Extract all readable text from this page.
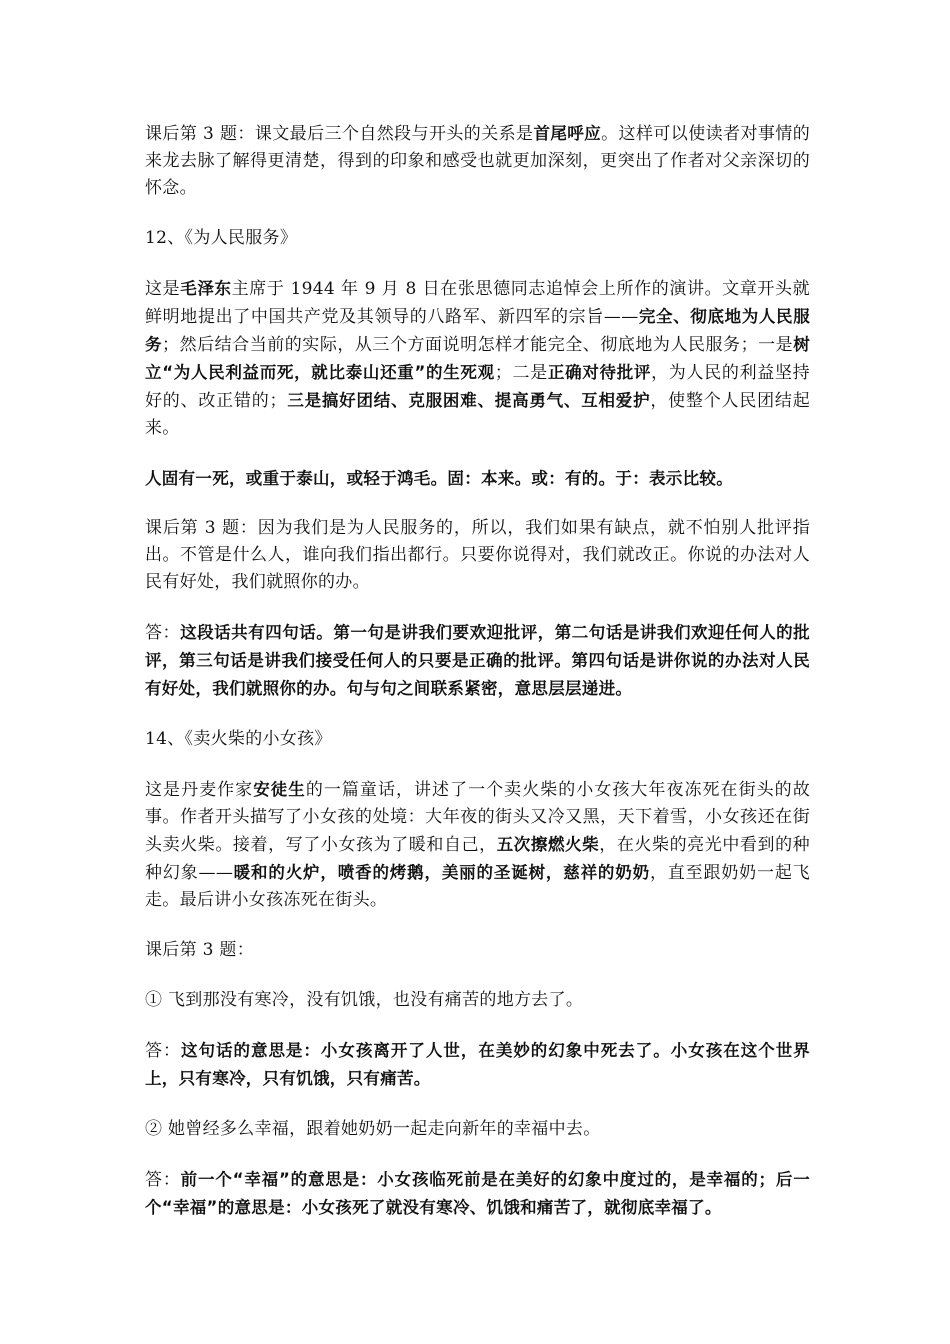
课后第 3 题：课文最后三个自然段与开头的关系是首尾呼应。这样可以使读者对事情的来龙去脉了解得更清楚，得到的印象和感受也就更加深刻，更突出了作者对父亲深切的怀念。

12、《为人民服务》

这是毛泽东主席于 1944 年 9 月 8 日在张思德同志追悼会上所作的演讲。文章开头就鲜明地提出了中国共产党及其领导的八路军、新四军的宗旨——完全、彻底地为人民服务；然后结合当前的实际，从三个方面说明怎样才能完全、彻底地为人民服务；一是树立“为人民利益而死，就比泰山还重”的生死观；二是正确对待批评，为人民的利益坚持好的、改正错的；三是搞好团结、克服困难、提高勇气、互相爱护，使整个人民团结起来。

人固有一死，或重于泰山，或轻于鸿毛。固：本来。或：有的。于：表示比较。

课后第 3 题：因为我们是为人民服务的，所以，我们如果有缺点，就不怕别人批评指出。不管是什么人，谁向我们指出都行。只要你说得对，我们就改正。你说的办法对人民有好处，我们就照你的办。

答：这段话共有四句话。第一句是讲我们要欢迎批评，第二句话是讲我们欢迎任何人的批评，第三句话是讲我们接受任何人的只要是正确的批评。第四句话是讲你说的办法对人民有好处，我们就照你的办。句与句之间联系紧密，意思层层递进。

14、《卖火柴的小女孩》

这是丹麦作家安徒生的一篇童话，讲述了一个卖火柴的小女孩大年夜冻死在街头的故事。作者开头描写了小女孩的处境：大年夜的街头又冷又黑，天下着雪，小女孩还在街头卖火柴。接着，写了小女孩为了暖和自己，五次擦燃火柴，在火柴的亮光中看到的种种幻象——暖和的火炉，喷香的烤鹅，美丽的圣诞树，慈祥的奶奶，直至跟奶奶一起飞走。最后讲小女孩冻死在街头。

课后第 3 题：

① 飞到那没有寒冷，没有饥饿，也没有痛苦的地方去了。

答：这句话的意思是：小女孩离开了人世，在美妙的幻象中死去了。小女孩在这个世界上，只有寒冷，只有饥饿，只有痛苦。

② 她曾经多么幸福，跟着她奶奶一起走向新年的幸福中去。

答：前一个“幸福”的意思是：小女孩临死前是在美好的幻象中度过的，是幸福的；后一个“幸福”的意思是：小女孩死了就没有寒冷、饥饿和痛苦了，就彻底幸福了。
